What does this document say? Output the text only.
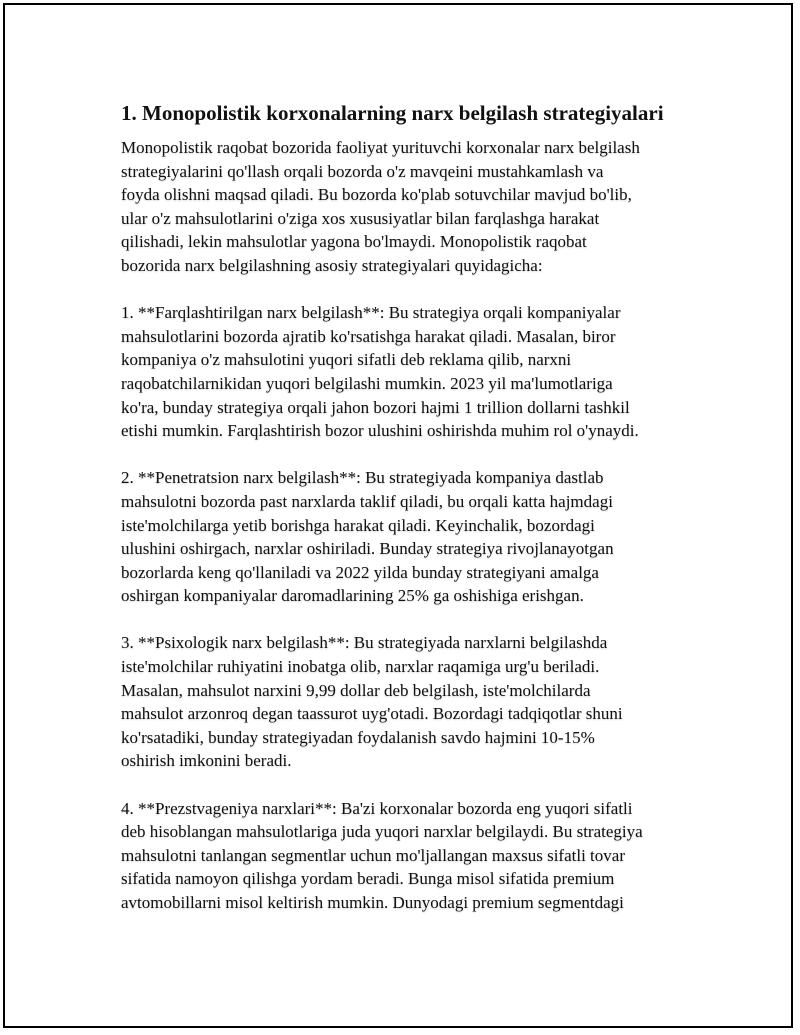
1. Monopolistik korxonalarning narx belgilash strategiyalari

Monopolistik raqobat bozorida faoliyat yurituvchi korxonalar narx belgilash
strategiyalarini qo'llash orqali bozorda o'z mavqeini mustahkamlash va
foyda olishni maqsad qiladi. Bu bozorda ko'plab sotuvchilar mavjud bo'lib,
ular o'z mahsulotlarini o'ziga xos xususiyatlar bilan farqlashga harakat
qilishadi, lekin mahsulotlar yagona bo'lmaydi. Monopolistik raqobat
bozorida narx belgilashning asosiy strategiyalari quyidagicha:

1. **Farqlashtirilgan narx belgilash**: Bu strategiya orqali kompaniyalar
mahsulotlarini bozorda ajratib ko'rsatishga harakat qiladi. Masalan, biror
kompaniya o'z mahsulotini yuqori sifatli deb reklama qilib, narxni
raqobatchilarnikidan yuqori belgilashi mumkin. 2023 yil ma'lumotlariga
ko'ra, bunday strategiya orqali jahon bozori hajmi 1 trillion dollarni tashkil
etishi mumkin. Farqlashtirish bozor ulushini oshirishda muhim rol o'ynaydi.

2. **Penetratsion narx belgilash**: Bu strategiyada kompaniya dastlab
mahsulotni bozorda past narxlarda taklif qiladi, bu orqali katta hajmdagi
iste'molchilarga yetib borishga harakat qiladi. Keyinchalik, bozordagi
ulushini oshirgach, narxlar oshiriladi. Bunday strategiya rivojlanayotgan
bozorlarda keng qo'llaniladi va 2022 yilda bunday strategiyani amalga
oshirgan kompaniyalar daromadlarining 25% ga oshishiga erishgan.

3. **Psixologik narx belgilash**: Bu strategiyada narxlarni belgilashda
iste'molchilar ruhiyatini inobatga olib, narxlar raqamiga urg'u beriladi.
Masalan, mahsulot narxini 9,99 dollar deb belgilash, iste'molchilarda
mahsulot arzonroq degan taassurot uyg'otadi. Bozordagi tadqiqotlar shuni
ko'rsatadiki, bunday strategiyadan foydalanish savdo hajmini 10-15%
oshirish imkonini beradi.

4. **Prezstvageniya narxlari**: Ba'zi korxonalar bozorda eng yuqori sifatli
deb hisoblangan mahsulotlariga juda yuqori narxlar belgilaydi. Bu strategiya
mahsulotni tanlangan segmentlar uchun mo'ljallangan maxsus sifatli tovar
sifatida namoyon qilishga yordam beradi. Bunga misol sifatida premium
avtomobillarni misol keltirish mumkin. Dunyodagi premium segmentdagi
